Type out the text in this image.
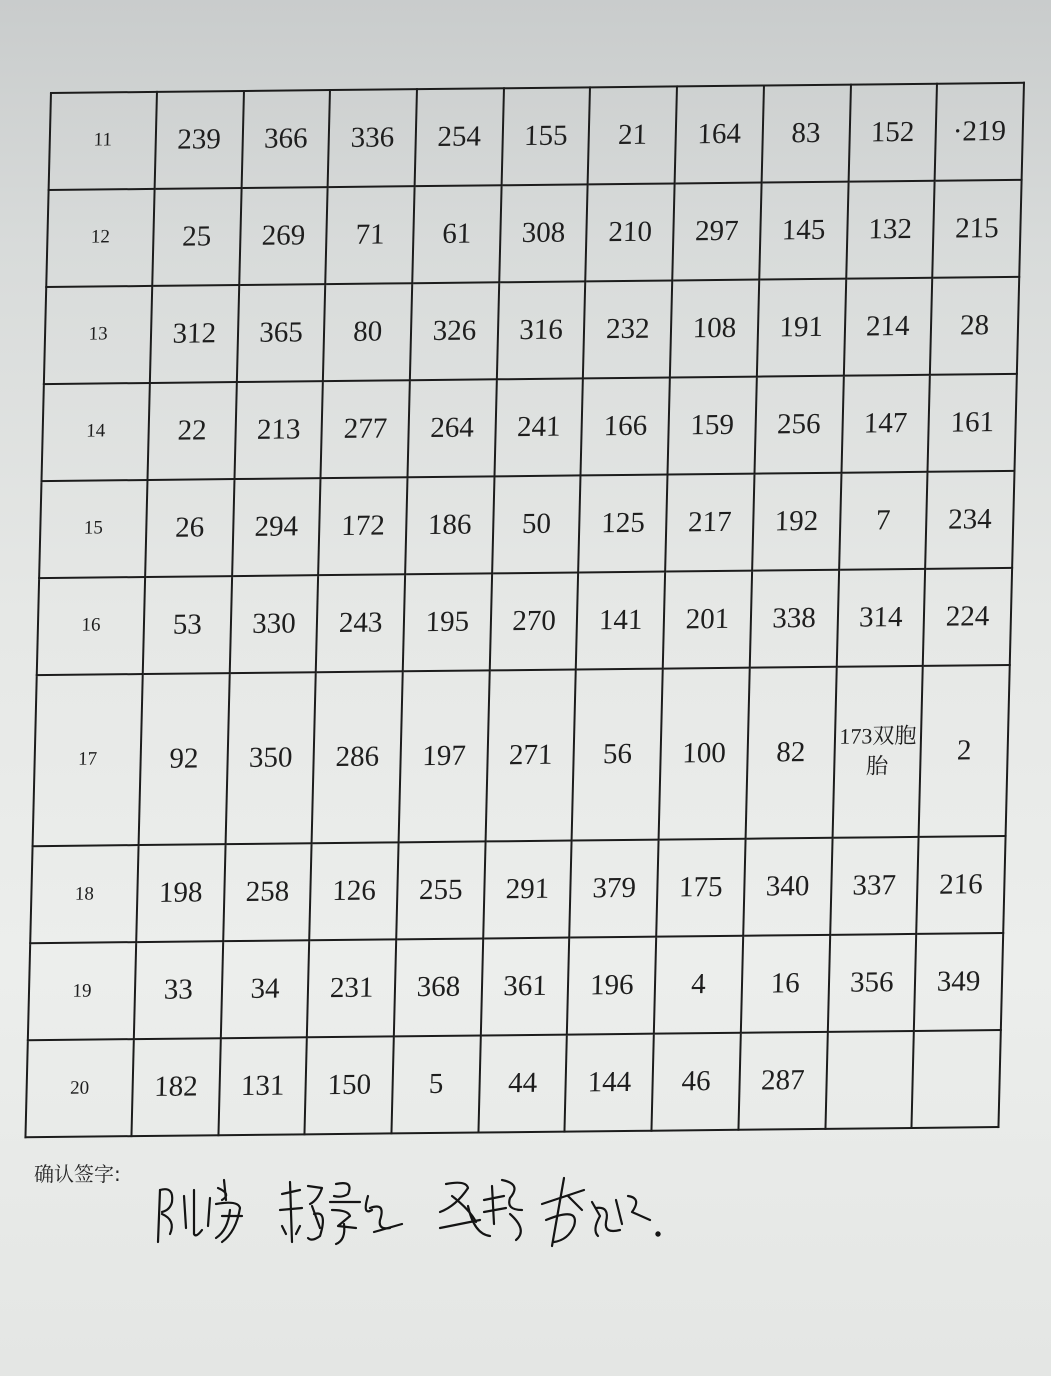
11	239	366	336	254	155	21	164	83	152	·219
12	25	269	71	61	308	210	297	145	132	215
13	312	365	80	326	316	232	108	191	214	28
14	22	213	277	264	241	166	159	256	147	161
15	26	294	172	186	50	125	217	192	7	234
16	53	330	243	195	270	141	201	338	314	224
17	92	350	286	197	271	56	100	82	173双胞胎	2
18	198	258	126	255	291	379	175	340	337	216
19	33	34	231	368	361	196	4	16	356	349
20	182	131	150	5	44	144	46	287		
确认签字:
